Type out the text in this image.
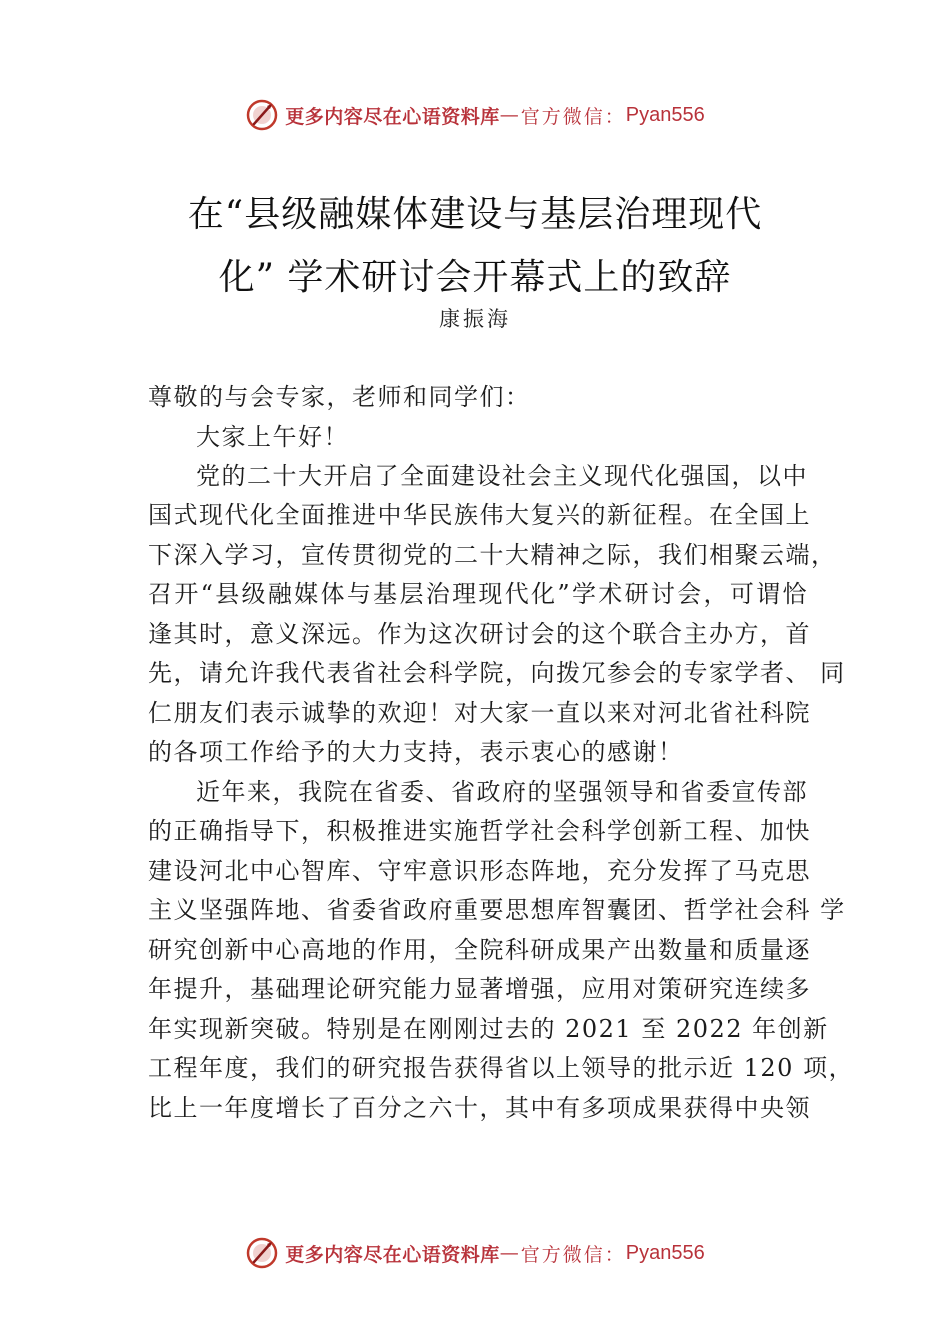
更多内容尽在心语资料库 — 官方微信： Pyan556
在“县级融媒体建设与基层治理现代
化” 学术研讨会开幕式上的致辞
康振海
尊敬的与会专家，老师和同学们：
大家上午好！
党的二十大开启了全面建设社会主义现代化强国，以中
国式现代化全面推进中华民族伟大复兴的新征程。在全国上
下深入学习，宣传贯彻党的二十大精神之际，我们相聚云端，
召开“县级融媒体与基层治理现代化”学术研讨会，可谓恰
逢其时，意义深远。作为这次研讨会的这个联合主办方，首
先，请允许我代表省社会科学院，向拨冗参会的专家学者、 同
仁朋友们表示诚挚的欢迎！对大家一直以来对河北省社科院
的各项工作给予的大力支持，表示衷心的感谢！
近年来，我院在省委、省政府的坚强领导和省委宣传部
的正确指导下，积极推进实施哲学社会科学创新工程、加快
建设河北中心智库、守牢意识形态阵地，充分发挥了马克思
主义坚强阵地、省委省政府重要思想库智囊团、哲学社会科 学
研究创新中心高地的作用，全院科研成果产出数量和质量逐
年提升，基础理论研究能力显著增强，应用对策研究连续多
年实现新突破。特别是在刚刚过去的 2021 至 2022 年创新
工程年度，我们的研究报告获得省以上领导的批示近 120 项，
比上一年度增长了百分之六十，其中有多项成果获得中央领
更多内容尽在心语资料库 — 官方微信： Pyan556
